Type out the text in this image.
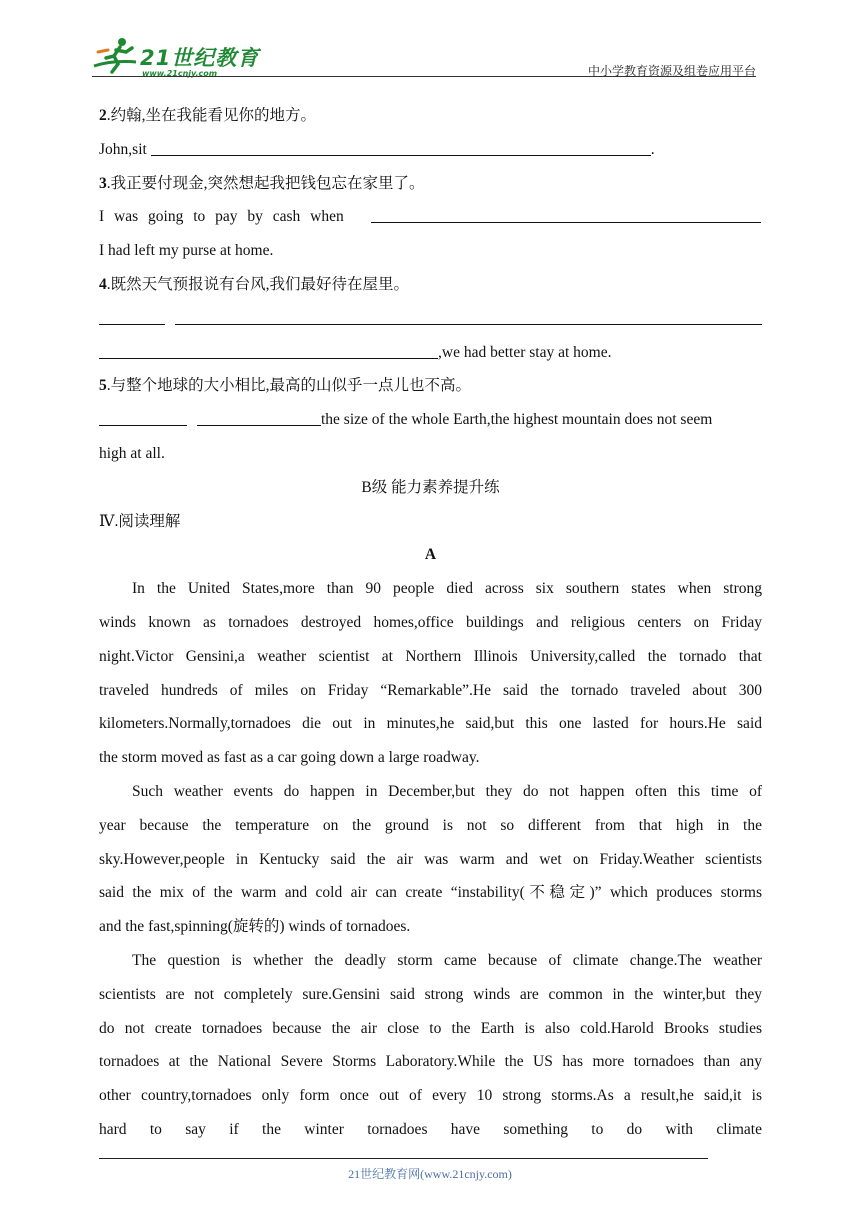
21世纪教育
www.21cnjy.com	中小学教育资源及组卷应用平台
2.约翰,坐在我能看见你的地方。
John,sit	.
3.我正要付现金,突然想起我把钱包忘在家里了。
I was going to pay by cash when
I had left my purse at home.
4.既然天气预报说有台风,我们最好待在屋里。
,we had better stay at home.
5.与整个地球的大小相比,最高的山似乎一点儿也不高。
the size of the whole Earth,the highest mountain does not seem
high at all.
B级 能力素养提升练
Ⅳ.阅读理解
A
In the United States,more than 90 people died across six southern states when strong
winds known as tornadoes destroyed homes,office buildings and religious centers on Friday
night.Victor Gensini,a weather scientist at Northern Illinois University,called the tornado that
traveled hundreds of miles on Friday “Remarkable”.He said the tornado traveled about 300
kilometers.Normally,tornadoes die out in minutes,he said,but this one lasted for hours.He said
the storm moved as fast as a car going down a large roadway.
Such weather events do happen in December,but they do not happen often this time of
year because the temperature on the ground is not so different from that high in the
sky.However,people in Kentucky said the air was warm and wet on Friday.Weather scientists
said the mix of the warm and cold air can create “instability(不稳定)” which produces storms
and the fast,spinning(旋转的) winds of tornadoes.
The question is whether the deadly storm came because of climate change.The weather
scientists are not completely sure.Gensini said strong winds are common in the winter,but they
do not create tornadoes because the air close to the Earth is also cold.Harold Brooks studies
tornadoes at the National Severe Storms Laboratory.While the US has more tornadoes than any
other country,tornadoes only form once out of every 10 strong storms.As a result,he said,it is
hard to say if the winter tornadoes have something to do with climate
21世纪教育网(www.21cnjy.com)
